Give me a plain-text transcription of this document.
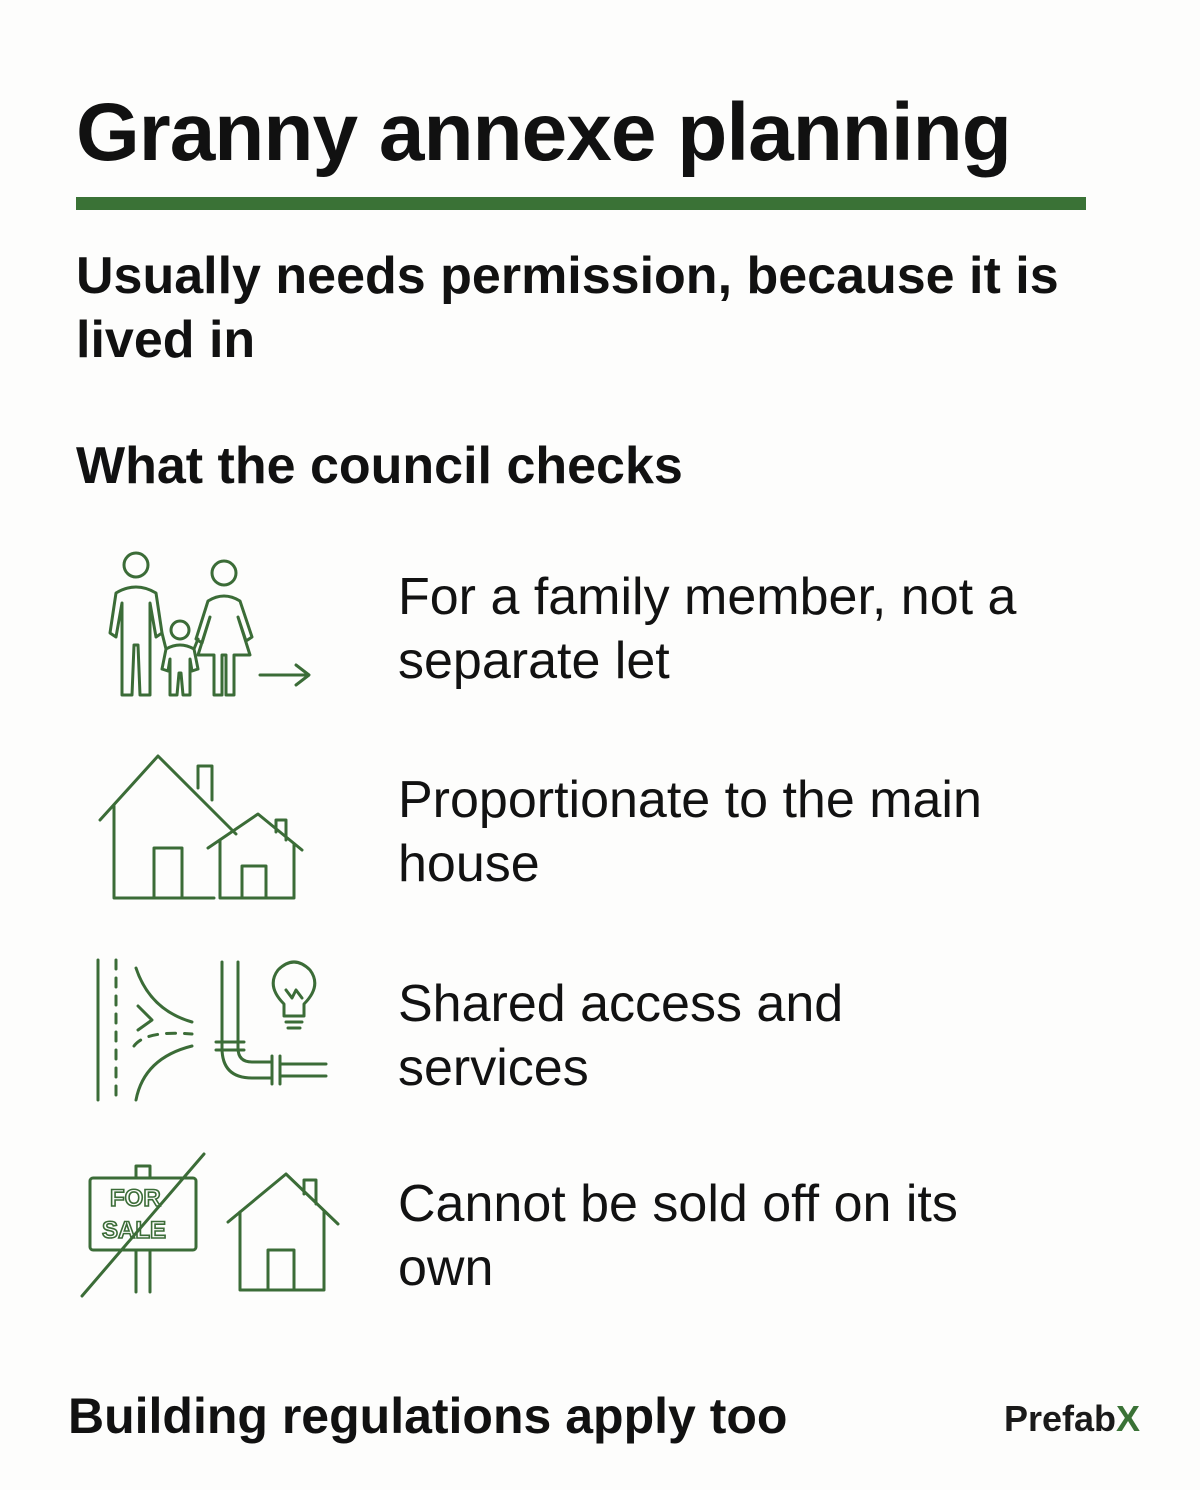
Granny annexe planning
Usually needs permission, because it is lived in
What the council checks
For a family member, not a separate let
Proportionate to the main house
Shared access and services
FOR
SALE	Cannot be sold off on its own
Building regulations apply too	PrefabX
